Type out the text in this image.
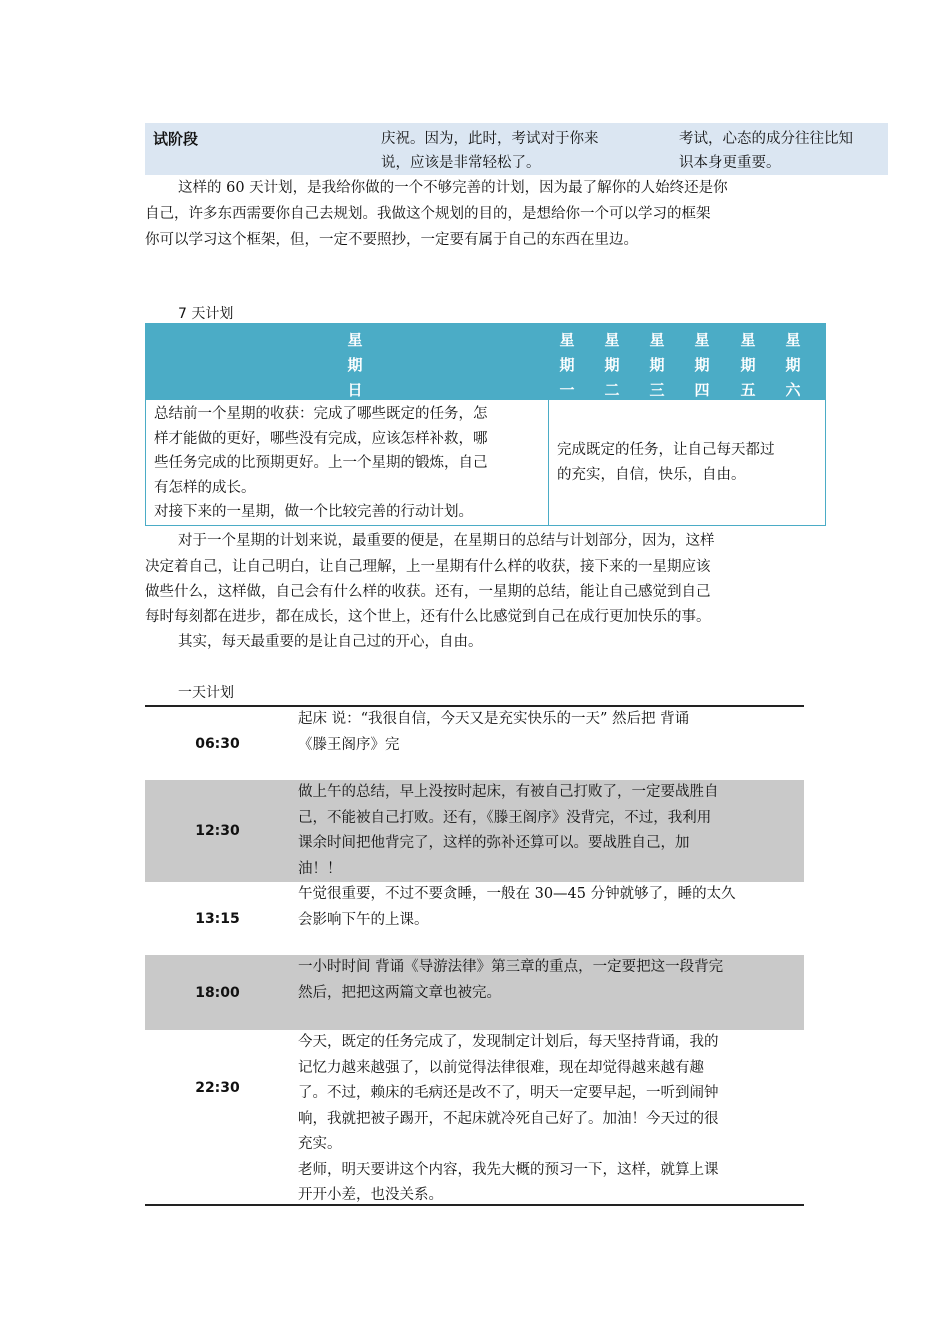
试阶段	庆祝。因为，此时，考试对于你来
说，应该是非常轻松了。
考试，心态的成分往往比知
识本身更重要。
这样的 60 天计划，是我给你做的一个不够完善的计划，因为最了解你的人始终还是你
自己，许多东西需要你自己去规划。我做这个规划的目的，是想给你一个可以学习的框架
你可以学习这个框架，但，一定不要照抄，一定要有属于自己的东西在里边。
7 天计划
星
期
日
星
期
一
星
期
二
星
期
三
星
期
四
星
期
五
星
期
六
总结前一个星期的收获：完成了哪些既定的任务，怎
样才能做的更好，哪些没有完成，应该怎样补救，哪
些任务完成的比预期更好。上一个星期的锻炼，自己
有怎样的成长。
对接下来的一星期，做一个比较完善的行动计划。
完成既定的任务，让自己每天都过
的充实，自信，快乐，自由。
对于一个星期的计划来说，最重要的便是，在星期日的总结与计划部分，因为，这样
决定着自己，让自己明白，让自己理解，上一星期有什么样的收获，接下来的一星期应该
做些什么，这样做，自己会有什么样的收获。还有，一星期的总结，能让自己感觉到自己
每时每刻都在进步，都在成长，这个世上，还有什么比感觉到自己在成行更加快乐的事。
其实，每天最重要的是让自己过的开心，自由。
一天计划
06:30
起床 说：“我很自信，今天又是充实快乐的一天” 然后把 背诵
《滕王阁序》完
12:30
做上午的总结，早上没按时起床，有被自己打败了，一定要战胜自
己，不能被自己打败。还有，《滕王阁序》没背完，不过，我利用
课余时间把他背完了，这样的弥补还算可以。要战胜自己，加
油！！
13:15
午觉很重要，不过不要贪睡，一般在 30—45 分钟就够了，睡的太久
会影响下午的上课。
18:00
一小时时间 背诵《导游法律》第三章的重点，一定要把这一段背完
然后，把把这两篇文章也被完。
22:30
今天，既定的任务完成了，发现制定计划后，每天坚持背诵，我的
记忆力越来越强了，以前觉得法律很难，现在却觉得越来越有趣
了。不过，赖床的毛病还是改不了，明天一定要早起，一听到闹钟
响，我就把被子踢开，不起床就冷死自己好了。加油！今天过的很
充实。
老师，明天要讲这个内容，我先大概的预习一下，这样，就算上课
开开小差，也没关系。
